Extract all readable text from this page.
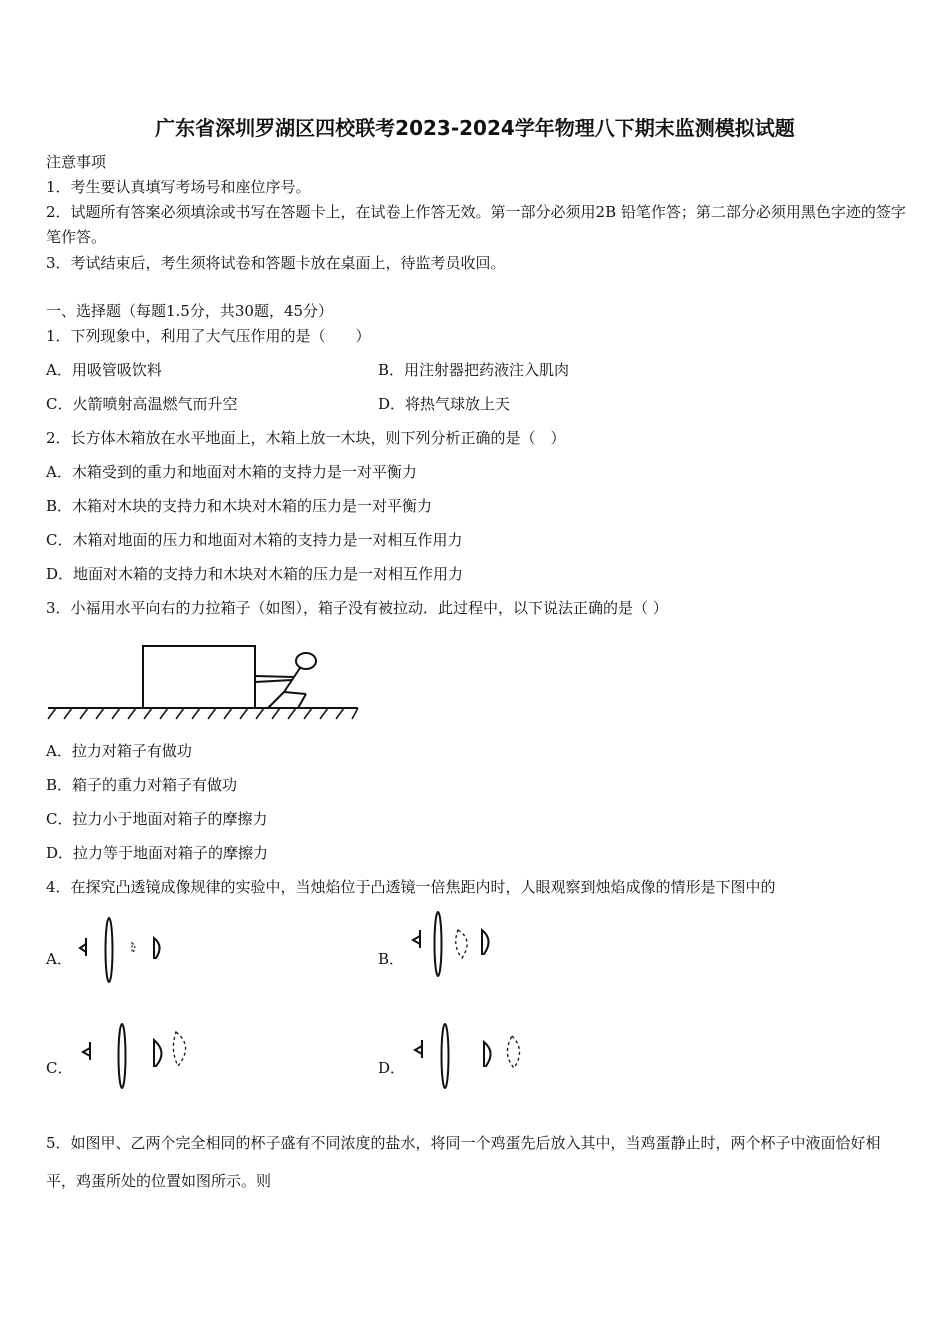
广东省深圳罗湖区四校联考2023-2024学年物理八下期末监测模拟试题
注意事项
1．考生要认真填写考场号和座位序号。
2．试题所有答案必须填涂或书写在答题卡上，在试卷上作答无效。第一部分必须用2B 铅笔作答；第二部分必须用黑色字迹的签字笔作答。
3．考试结束后，考生须将试卷和答题卡放在桌面上，待监考员收回。
一、选择题（每题1.5分，共30题，45分）
1．下列现象中，利用了大气压作用的是（　　）
A．用吸管吸饮料	B．用注射器把药液注入肌肉
C．火箭喷射高温燃气而升空	D．将热气球放上天
2．长方体木箱放在水平地面上，木箱上放一木块，则下列分析正确的是（　）
A．木箱受到的重力和地面对木箱的支持力是一对平衡力
B．木箱对木块的支持力和木块对木箱的压力是一对平衡力
C．木箱对地面的压力和地面对木箱的支持力是一对相互作用力
D．地面对木箱的支持力和木块对木箱的压力是一对相互作用力
3．小福用水平向右的力拉箱子（如图），箱子没有被拉动．此过程中，以下说法正确的是（ ）
A．拉力对箱子有做功
B．箱子的重力对箱子有做功
C．拉力小于地面对箱子的摩擦力
D．拉力等于地面对箱子的摩擦力
4．在探究凸透镜成像规律的实验中，当烛焰位于凸透镜一倍焦距内时，人眼观察到烛焰成像的情形是下图中的
A．	B．
C．	D．
5．如图甲、乙两个完全相同的杯子盛有不同浓度的盐水，将同一个鸡蛋先后放入其中，当鸡蛋静止时，两个杯子中液面恰好相平，鸡蛋所处的位置如图所示。则
